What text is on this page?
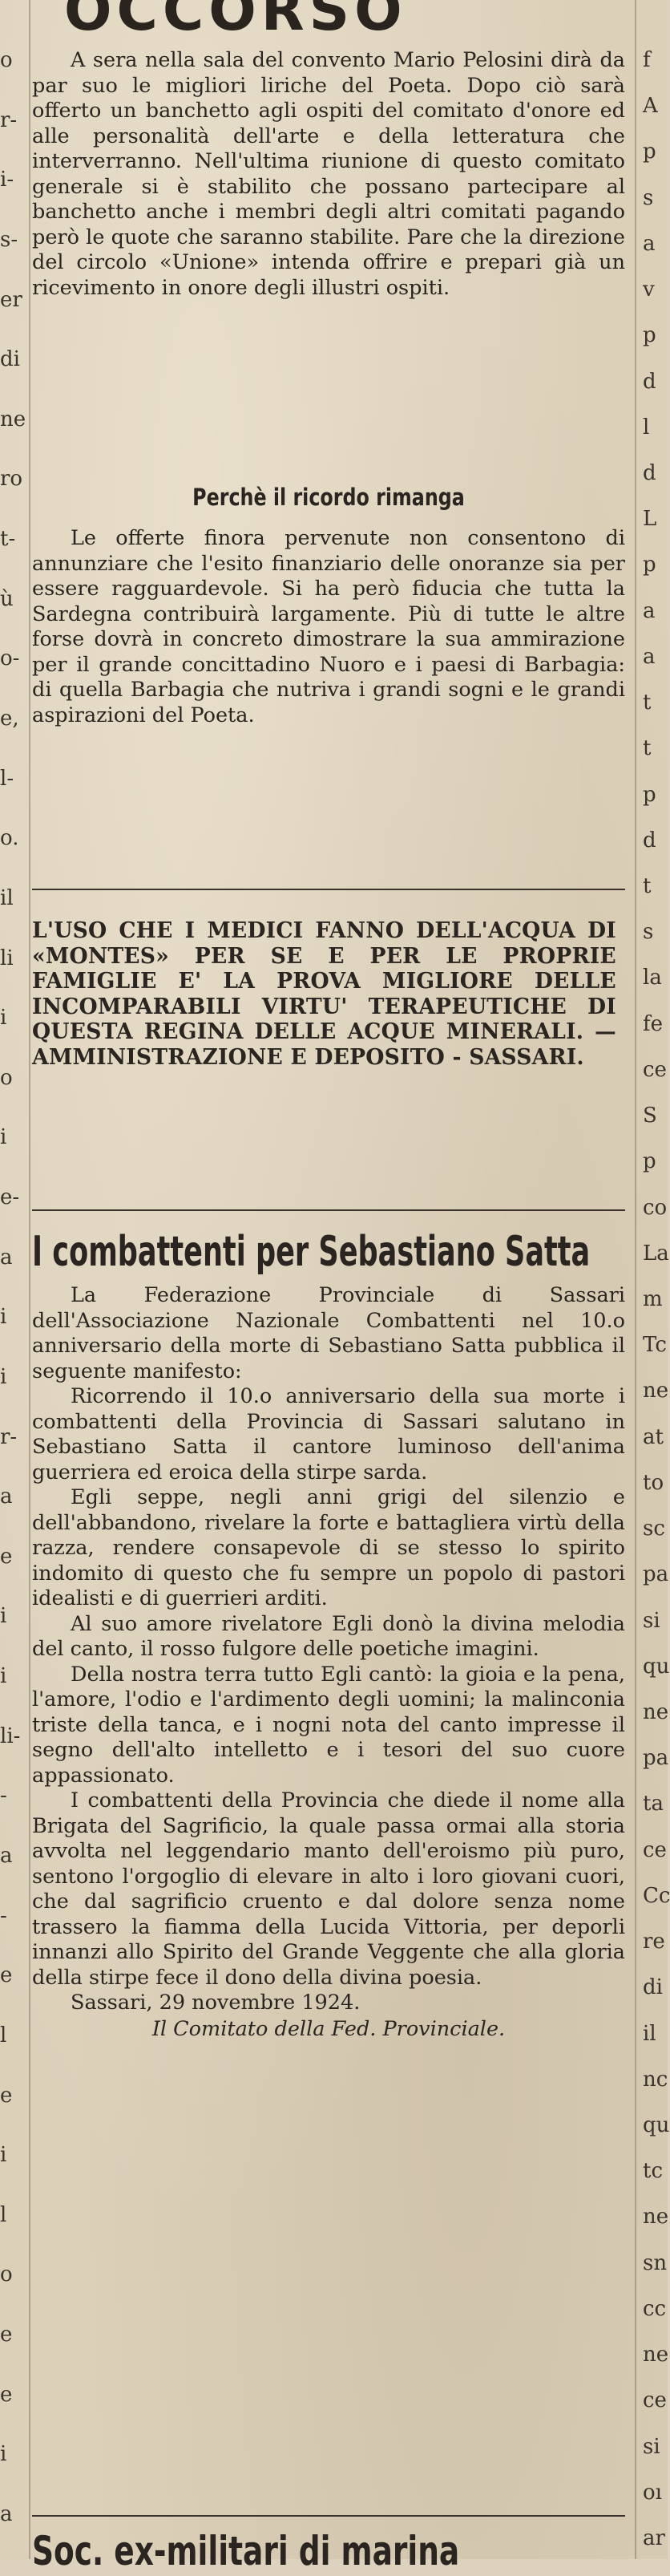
o
r-
i-
s-
er
di
ne
ro
t-
ù
o-
e,
l-
o.
il
li
i
o
i
e-
a
i
i
r-
a
e
i
i
li-
-
a
-
e
l
e
i
l
o
e
e
i
a
f
A
p
s
a
v
p
d
l
d
L
p
a
a
t
t
p
d
t
s
la
fe
ce
S
p
co
La
m
Tc
ne
at
to
sc
pa
si
qu
ne
pa
ta
ce
Cc
re
di
il
nc
qu
tc
ne
sn
cc
ne
ce
si
oı
ar

A sera nella sala del convento Mario Pelosini dirà da par suo le migliori liriche del Poeta. Dopo ciò sarà offerto un banchetto agli ospiti del comitato d'onore ed alle personalità dell'arte e della letteratura che interverranno. Nell'ultima riunione di questo comitato generale si è stabilito che possano partecipare al banchetto anche i membri degli altri comitati pagando però le quote che saranno stabilite. Pare che la direzione del circolo «Unione» intenda offrire e prepari già un ricevimento in onore degli illustri ospiti.

Perchè il ricordo rimanga

Le offerte finora pervenute non consentono di annunziare che l'esito finanziario delle onoranze sia per essere ragguardevole. Si ha però fiducia che tutta la Sardegna contribuirà largamente. Più di tutte le altre forse dovrà in concreto dimostrare la sua ammirazione per il grande concittadino Nuoro e i paesi di Barbagia: di quella Barbagia che nutriva i grandi sogni e le grandi aspirazioni del Poeta.

L'USO CHE I MEDICI FANNO DELL'ACQUA DI «MONTES» PER SE E PER LE PROPRIE FAMIGLIE E' LA PROVA MIGLIORE DELLE INCOMPARABILI VIRTU' TERAPEUTICHE DI QUESTA REGINA DELLE ACQUE MINERALI. — AMMINISTRAZIONE E DEPOSITO - SASSARI.
I combattenti per Sebastiano Satta

La Federazione Provinciale di Sassari dell'Associazione Nazionale Combattenti nel 10.o anniversario della morte di Sebastiano Satta pubblica il seguente manifesto:

Ricorrendo il 10.o anniversario della sua morte i combattenti della Provincia di Sassari salutano in Sebastiano Satta il cantore luminoso dell'anima guerriera ed eroica della stirpe sarda.

Egli seppe, negli anni grigi del silenzio e dell'abbandono, rivelare la forte e battagliera virtù della razza, rendere consapevole di se stesso lo spirito indomito di questo che fu sempre un popolo di pastori idealisti e di guerrieri arditi.

Al suo amore rivelatore Egli donò la divina melodia del canto, il rosso fulgore delle poetiche imagini.

Della nostra terra tutto Egli cantò: la gioia e la pena, l'amore, l'odio e l'ardimento degli uomini; la malinconia triste della tanca, e i nogni nota del canto impresse il segno dell'alto intelletto e i tesori del suo cuore appassionato.

I combattenti della Provincia che diede il nome alla Brigata del Sagrificio, la quale passa ormai alla storia avvolta nel leggendario manto dell'eroismo più puro, sentono l'orgoglio di elevare in alto i loro giovani cuori, che dal sagrificio cruento e dal dolore senza nome trassero la fiamma della Lucida Vittoria, per deporli innanzi allo Spirito del Grande Veggente che alla gloria della stirpe fece il dono della divina poesia.

Sassari, 29 novembre 1924.

Il Comitato della Fed. Provinciale.

Soc. ex-militari di marina
